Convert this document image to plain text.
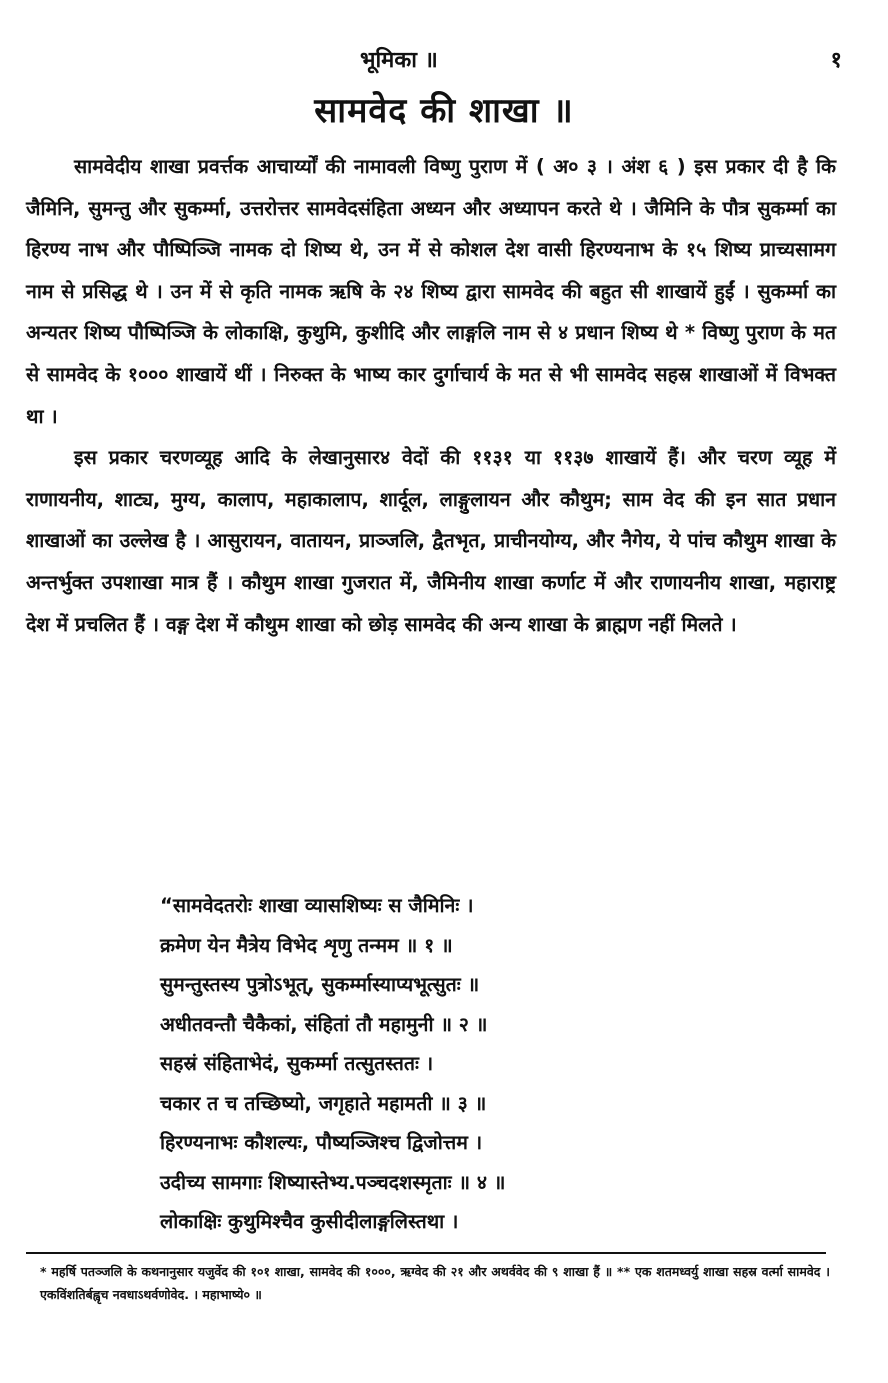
भूमिका ॥	१
सामवेद की शाखा ॥

सामवेदीय शाखा प्रवर्त्तक आचार्य्यों की नामावली विष्णु पुराण में ( अ० ३ । अंश ६ ) इस प्रकार दी है कि जैमिनि, सुमन्तु और सुकर्म्मा, उत्तरोत्तर सामवेदसंहिता अध्यन और अध्यापन करते थे । जैमिनि के पौत्र सुकर्म्मा का हिरण्य नाभ और पौष्पिञ्जि नामक दो शिष्य थे, उन में से कोशल देश वासी हिरण्यनाभ के १५ शिष्य प्राच्यसामग नाम से प्रसिद्ध थे । उन में से कृति नामक ऋषि के २४ शिष्य द्वारा सामवेद की बहुत सी शाखायें हुईं । सुकर्म्मा का अन्यतर शिष्य पौष्पिञ्जि के लोकाक्षि, कुथुमि, कुशीदि और लाङ्गलि नाम से ४ प्रधान शिष्य थे * विष्णु पुराण के मत से सामवेद के १००० शाखायें थीं । निरुक्त के भाष्य कार दुर्गाचार्य के मत से भी सामवेद सहस्र शाखाओं में विभक्त था ।

इस प्रकार चरणव्यूह आदि के लेखानुसार४ वेदों की ११३१ या ११३७ शाखायें हैं। और चरण व्यूह में राणायनीय, शाट्य, मुग्य, कालाप, महाकालाप, शार्दूल, लाङ्गुलायन और कौथुम; साम वेद की इन सात प्रधान शाखाओं का उल्लेख है । आसुरायन, वातायन, प्राञ्जलि, द्वैतभृत, प्राचीनयोग्य, और नैगेय, ये पांच कौथुम शाखा के अन्तर्भुक्त उपशाखा मात्र हैं । कौथुम शाखा गुजरात में, जैमिनीय शाखा कर्णाट में और राणायनीय शाखा, महाराष्ट्र देश में प्रचलित हैं । वङ्ग देश में कौथुम शाखा को छोड़ सामवेद की अन्य शाखा के ब्राह्मण नहीं मिलते ।

“सामवेदतरोः शाखा व्यासशिष्यः स जैमिनिः ।
क्रमेण येन मैत्रेय विभेद शृणु तन्मम ॥ १ ॥
सुमन्तुस्तस्य पुत्रोऽभूत्, सुकर्म्मास्याप्यभूत्सुतः ॥
अधीतवन्तौ चैकैकां, संहितां तौ महामुनी ॥ २ ॥
सहस्रं संहिताभेदं, सुकर्म्मा तत्सुतस्ततः ।
चकार त च तच्छिष्यो, जगृहाते महामती ॥ ३ ॥
हिरण्यनाभः कौशल्यः, पौष्यञ्जिश्च द्विजोत्तम ।
उदीच्य सामगाः शिष्यास्तेभ्य.पञ्चदशस्मृताः ॥ ४ ॥
लोकाक्षिः कुथुमिश्चैव कुसीदीलाङ्गलिस्तथा ।

* महर्षि पतञ्जलि के कथनानुसार यजुर्वेद की १०१ शाखा, सामवेद की १०००, ऋग्वेद की २१ और अथर्ववेद की ९ शाखा हैं ॥ ** एक शतमध्वर्यु शाखा सहस्र वर्त्मा सामवेद । एकविंशतिर्बह्वृच नवधाऽथर्वणोवेद. । महाभाष्ये० ॥
